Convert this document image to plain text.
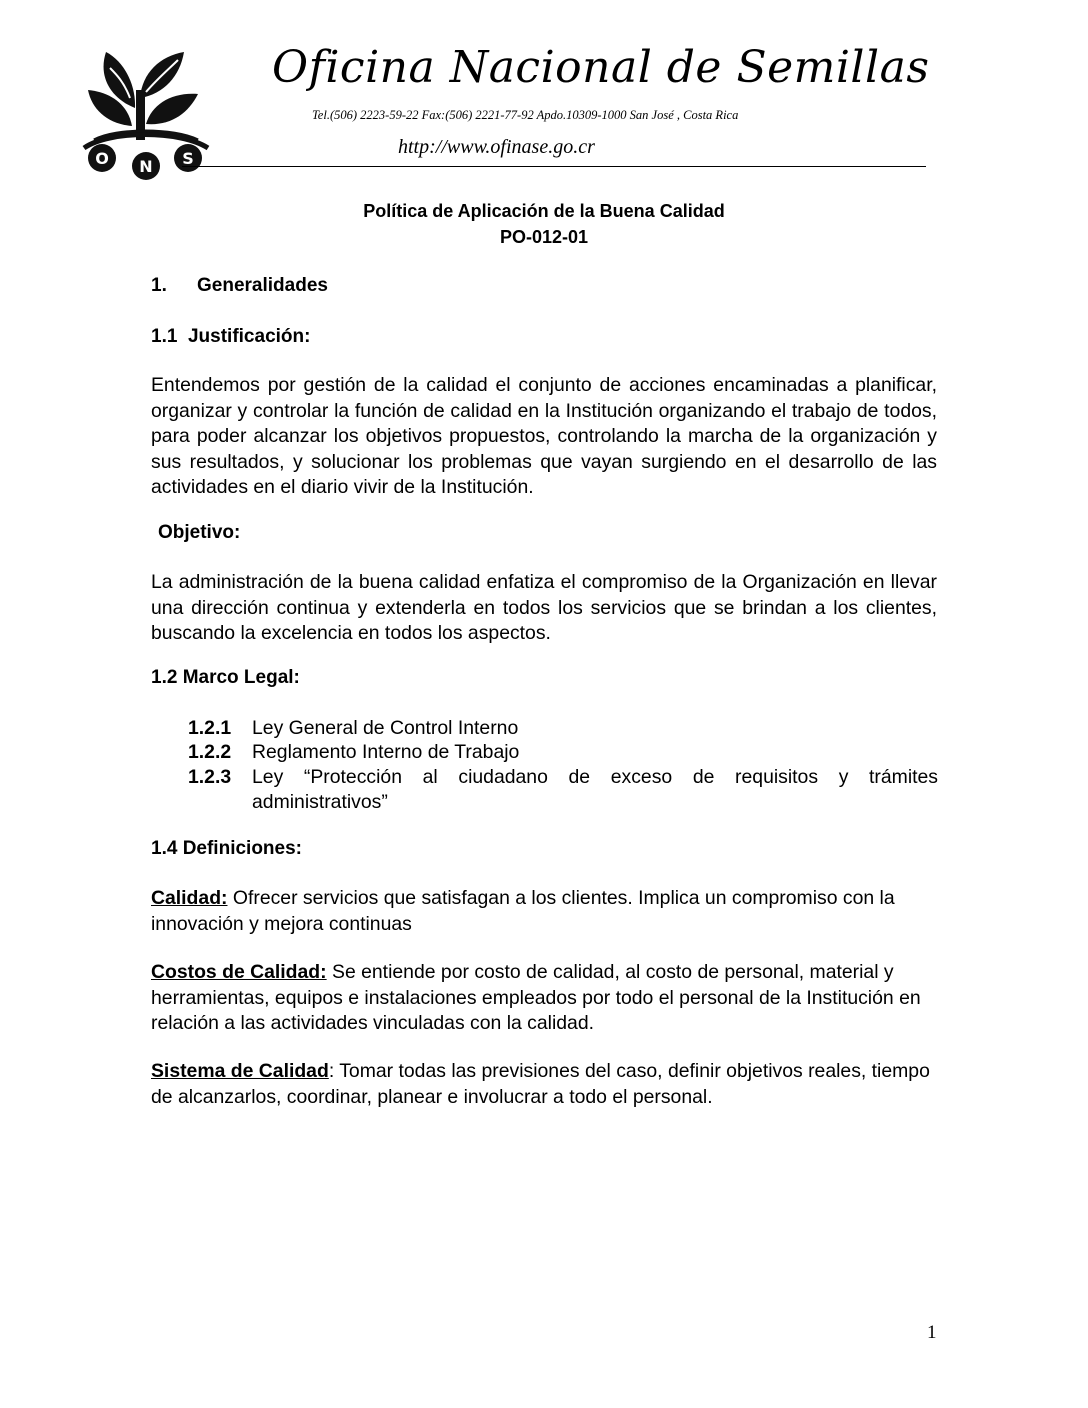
O N S
Oficina Nacional de Semillas
Tel.(506) 2223-59-22 Fax:(506) 2221-77-92 Apdo.10309-1000 San José , Costa Rica
http://www.ofinase.go.cr
Política de Aplicación de la Buena Calidad
PO-012-01
1. Generalidades
1.1 Justificación:
Entendemos por gestión de la calidad el conjunto de acciones encaminadas a planificar, organizar y controlar la función de calidad en la Institución organizando el trabajo de todos, para poder alcanzar los objetivos propuestos, controlando la marcha de la organización y sus resultados, y solucionar los problemas que vayan surgiendo en el desarrollo de las actividades en el diario vivir de la Institución.
Objetivo:
La administración de la buena calidad enfatiza el compromiso de la Organización en llevar una dirección continua y extenderla en todos los servicios que se brindan a los clientes, buscando la excelencia en todos los aspectos.
1.2 Marco Legal:
1.2.1 Ley General de Control Interno
1.2.2 Reglamento Interno de Trabajo
1.2.3 Ley “Protección al ciudadano de exceso de requisitos y trámites administrativos”
1.4 Definiciones:
Calidad: Ofrecer servicios que satisfagan a los clientes. Implica un compromiso con la innovación y mejora continuas
Costos de Calidad: Se entiende por costo de calidad, al costo de personal, material y herramientas, equipos e instalaciones empleados por todo el personal de la Institución en relación a las actividades vinculadas con la calidad.
Sistema de Calidad: Tomar todas las previsiones del caso, definir objetivos reales, tiempo de alcanzarlos, coordinar, planear e involucrar a todo el personal.
1
